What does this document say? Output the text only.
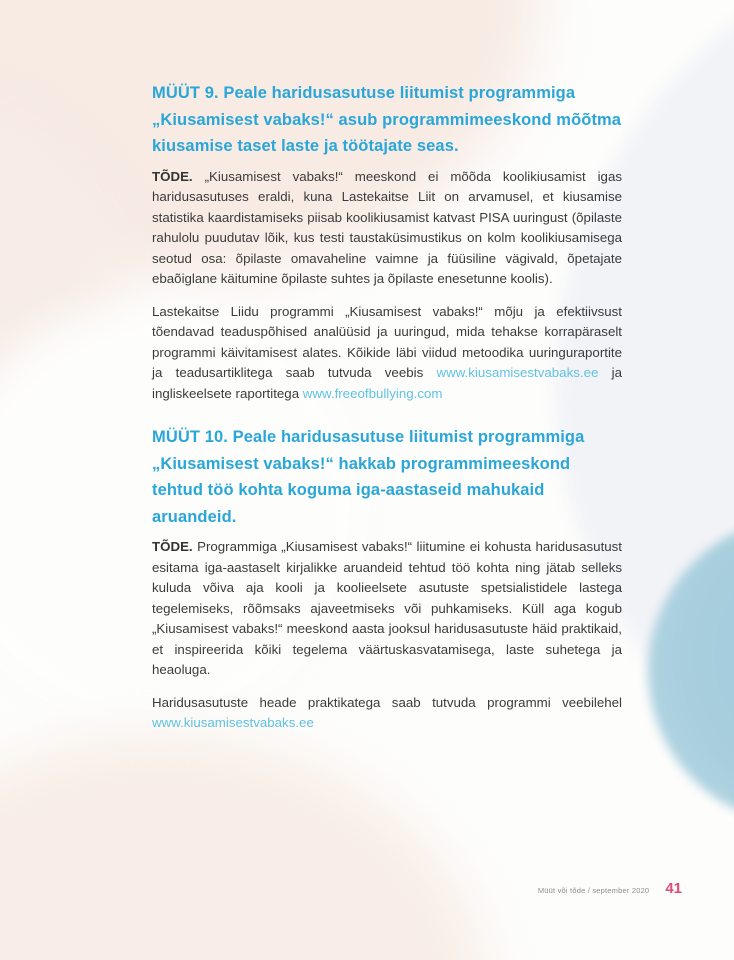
MÜÜT 9. Peale haridusasutuse liitumist programmiga „Kiusamisest vabaks!“ asub programmimeeskond mõõtma kiusamise taset laste ja töötajate seas.

TÕDE. „Kiusamisest vabaks!“ meeskond ei mõõda koolikiusamist igas haridusasutuses eraldi, kuna Lastekaitse Liit on arvamusel, et kiusamise statistika kaardistamiseks piisab koolikiusamist katvast PISA uuringust (õpilaste rahulolu puudutav lõik, kus testi taustaküsimustikus on kolm koolikiusamisega seotud osa: õpilaste omavaheline vaimne ja füüsiline vägivald, õpetajate ebaõiglane käitumine õpilaste suhtes ja õpilaste enesetunne koolis).

Lastekaitse Liidu programmi „Kiusamisest vabaks!“ mõju ja efektiivsust tõendavad teaduspõhised analüüsid ja uuringud, mida tehakse korrapäraselt programmi käivitamisest alates. Kõikide läbi viidud metoodika uuringuraportite ja teadusartiklitega saab tutvuda veebis www.kiusamisestvabaks.ee ja ingliskeelsete raportitega www.freeofbullying.com

MÜÜT 10. Peale haridusasutuse liitumist programmiga „Kiusamisest vabaks!“ hakkab programmimeeskond tehtud töö kohta koguma iga-aastaseid mahukaid aruandeid.

TÕDE. Programmiga „Kiusamisest vabaks!“ liitumine ei kohusta haridusasutust esitama iga-aastaselt kirjalikke aruandeid tehtud töö kohta ning jätab selleks kuluda võiva aja kooli ja koolieelsete asutuste spetsialistidele lastega tegelemiseks, rõõmsaks ajaveetmiseks või puhkamiseks. Küll aga kogub „Kiusamisest vabaks!“ meeskond aasta jooksul haridusasutuste häid praktikaid, et inspireerida kõiki tegelema väärtuskasvatamisega, laste suhetega ja heaoluga.

Haridusasutuste heade praktikatega saab tutvuda programmi veebilehel www.kiusamisestvabaks.ee

Müüt või tõde / september 2020 41
